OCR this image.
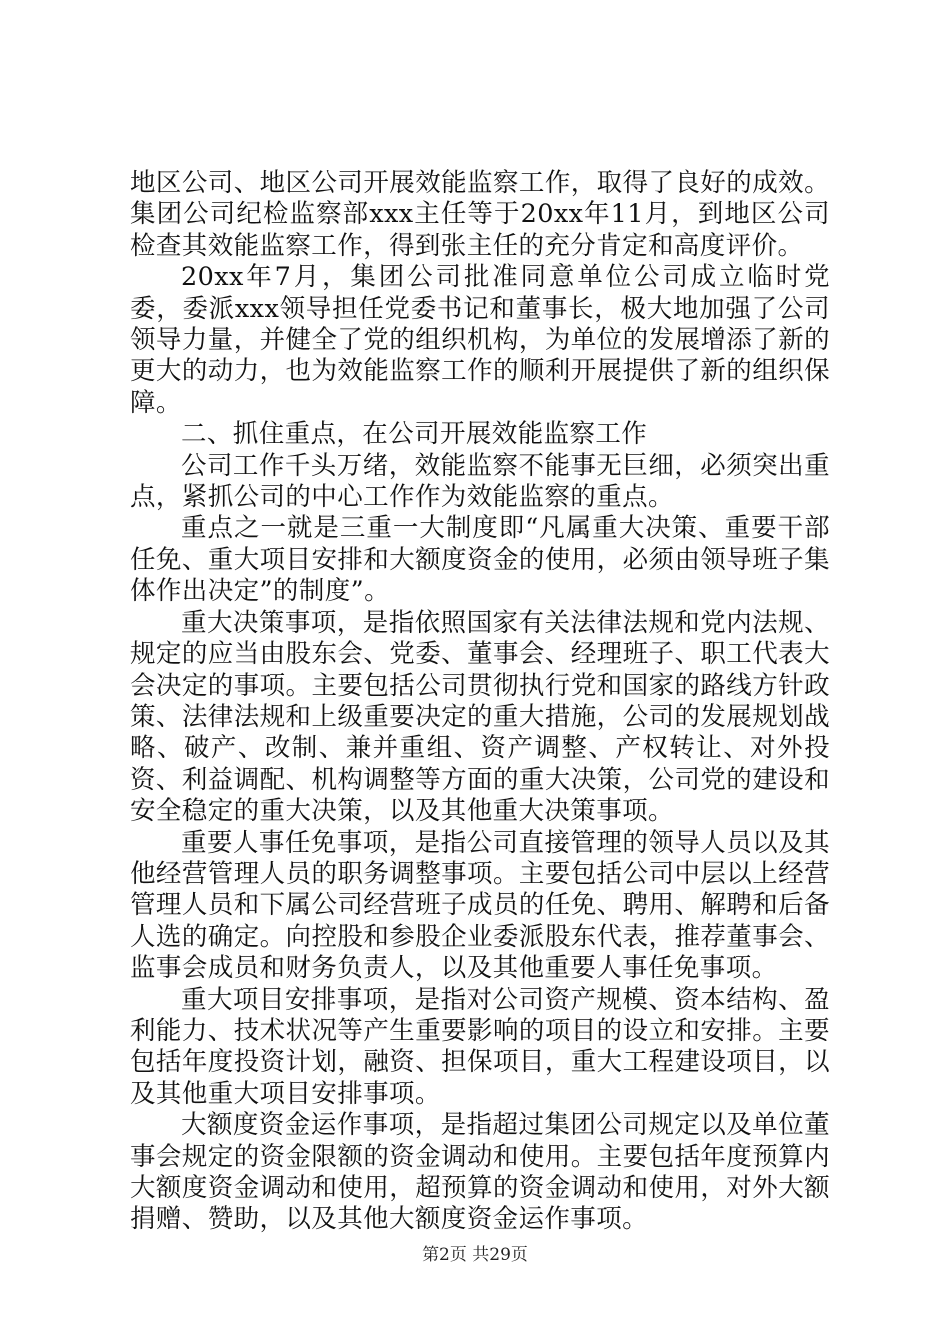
地区公司、地区公司开展效能监察工作，取得了良好的成效。集团公司纪检监察部xxx主任等于20xx年11月，到地区公司检查其效能监察工作，得到张主任的充分肯定和高度评价。

20xx年7月，集团公司批准同意单位公司成立临时党委，委派xxx领导担任党委书记和董事长，极大地加强了公司领导力量，并健全了党的组织机构，为单位的发展增添了新的更大的动力，也为效能监察工作的顺利开展提供了新的组织保障。

二、抓住重点，在公司开展效能监察工作

公司工作千头万绪，效能监察不能事无巨细，必须突出重点，紧抓公司的中心工作作为效能监察的重点。

重点之一就是三重一大制度即“凡属重大决策、重要干部任免、重大项目安排和大额度资金的使用，必须由领导班子集体作出决定”的制度”。

重大决策事项，是指依照国家有关法律法规和党内法规、规定的应当由股东会、党委、董事会、经理班子、职工代表大会决定的事项。主要包括公司贯彻执行党和国家的路线方针政策、法律法规和上级重要决定的重大措施，公司的发展规划战略、破产、改制、兼并重组、资产调整、产权转让、对外投资、利益调配、机构调整等方面的重大决策，公司党的建设和安全稳定的重大决策，以及其他重大决策事项。

重要人事任免事项，是指公司直接管理的领导人员以及其他经营管理人员的职务调整事项。主要包括公司中层以上经营管理人员和下属公司经营班子成员的任免、聘用、解聘和后备人选的确定。向控股和参股企业委派股东代表，推荐董事会、监事会成员和财务负责人，以及其他重要人事任免事项。

重大项目安排事项，是指对公司资产规模、资本结构、盈利能力、技术状况等产生重要影响的项目的设立和安排。主要包括年度投资计划，融资、担保项目，重大工程建设项目，以及其他重大项目安排事项。

大额度资金运作事项，是指超过集团公司规定以及单位董事会规定的资金限额的资金调动和使用。主要包括年度预算内大额度资金调动和使用，超预算的资金调动和使用，对外大额捐赠、赞助，以及其他大额度资金运作事项。

第2页 共29页
